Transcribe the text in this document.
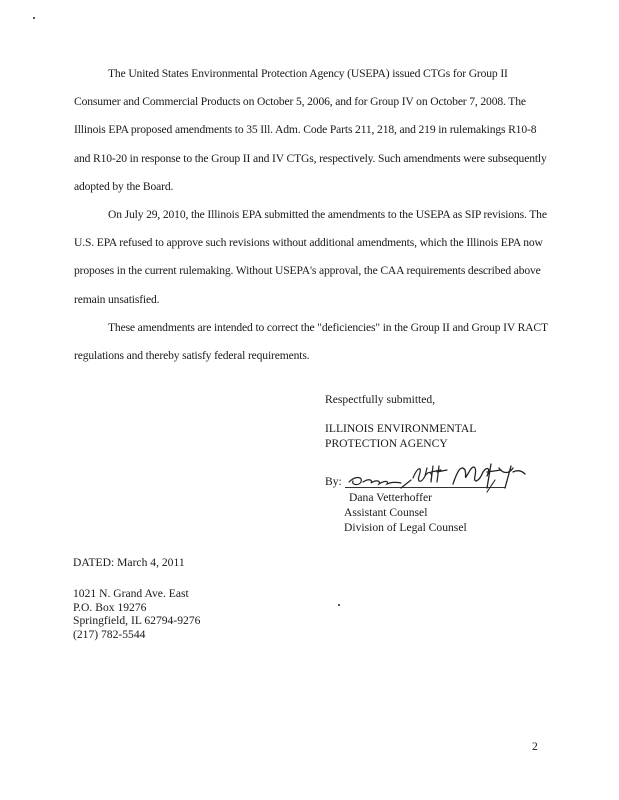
The United States Environmental Protection Agency (USEPA) issued CTGs for Group II Consumer and Commercial Products on October 5, 2006, and for Group IV on October 7, 2008. The Illinois EPA proposed amendments to 35 Ill. Adm. Code Parts 211, 218, and 219 in rulemakings R10-8 and R10-20 in response to the Group II and IV CTGs, respectively. Such amendments were subsequently adopted by the Board.

On July 29, 2010, the Illinois EPA submitted the amendments to the USEPA as SIP revisions. The U.S. EPA refused to approve such revisions without additional amendments, which the Illinois EPA now proposes in the current rulemaking. Without USEPA's approval, the CAA requirements described above remain unsatisfied.

These amendments are intended to correct the "deficiencies" in the Group II and Group IV RACT regulations and thereby satisfy federal requirements.

Respectfully submitted,
ILLINOIS ENVIRONMENTAL
PROTECTION AGENCY
By:
Dana Vetterhoffer
Assistant Counsel
Division of Legal Counsel
DATED: March 4, 2011
1021 N. Grand Ave. East
P.O. Box 19276
Springfield, IL 62794-9276
(217) 782-5544
2
